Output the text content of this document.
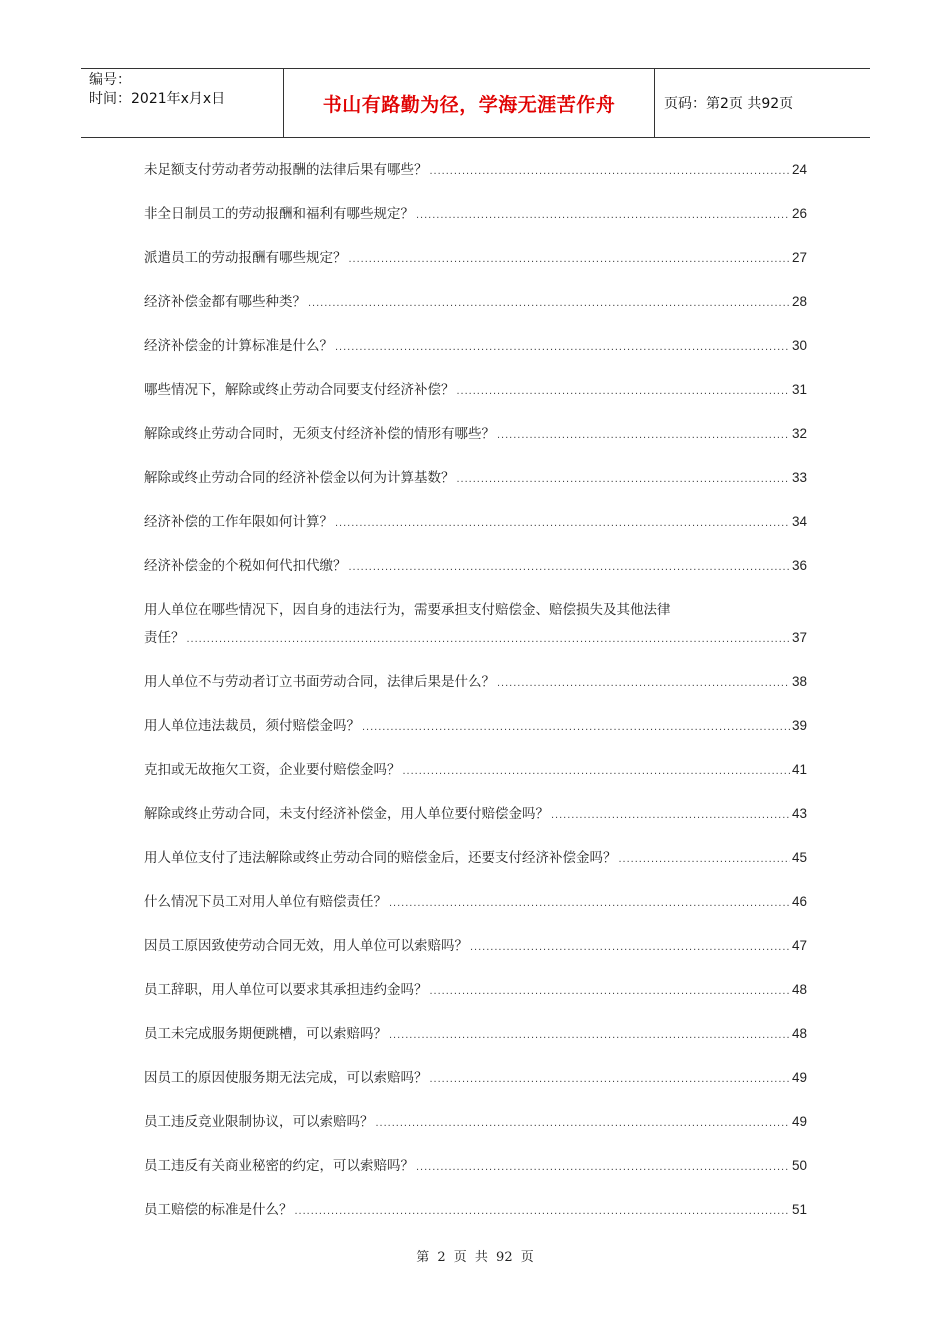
编号：
时间：2021年x月x日	书山有路勤为径，学海无涯苦作舟	页码：第2页 共92页
未足额支付劳动者劳动报酬的法律后果有哪些？ .....	24
非全日制员工的劳动报酬和福利有哪些规定？ .....	26
派遣员工的劳动报酬有哪些规定？ .....	27
经济补偿金都有哪些种类？ .....	28
经济补偿金的计算标准是什么？ .....	30
哪些情况下，解除或终止劳动合同要支付经济补偿？ .....	31
解除或终止劳动合同时，无须支付经济补偿的情形有哪些？ .....	32
解除或终止劳动合同的经济补偿金以何为计算基数？ .....	33
经济补偿的工作年限如何计算？ .....	34
经济补偿金的个税如何代扣代缴？ .....	36
用人单位在哪些情况下，因自身的违法行为，需要承担支付赔偿金、赔偿损失及其他法律
责任？ .....	37
用人单位不与劳动者订立书面劳动合同，法律后果是什么？ .....	38
用人单位违法裁员，须付赔偿金吗？ .....	39
克扣或无故拖欠工资，企业要付赔偿金吗？ .....	41
解除或终止劳动合同，未支付经济补偿金，用人单位要付赔偿金吗？ .....	43
用人单位支付了违法解除或终止劳动合同的赔偿金后，还要支付经济补偿金吗？ .....	45
什么情况下员工对用人单位有赔偿责任？ .....	46
因员工原因致使劳动合同无效，用人单位可以索赔吗？ .....	47
员工辞职，用人单位可以要求其承担违约金吗？ .....	48
员工未完成服务期便跳槽，可以索赔吗？ .....	48
因员工的原因使服务期无法完成，可以索赔吗？ .....	49
员工违反竞业限制协议，可以索赔吗？ .....	49
员工违反有关商业秘密的约定，可以索赔吗？ .....	50
员工赔偿的标准是什么？ .....	51
第 2 页 共 92 页
